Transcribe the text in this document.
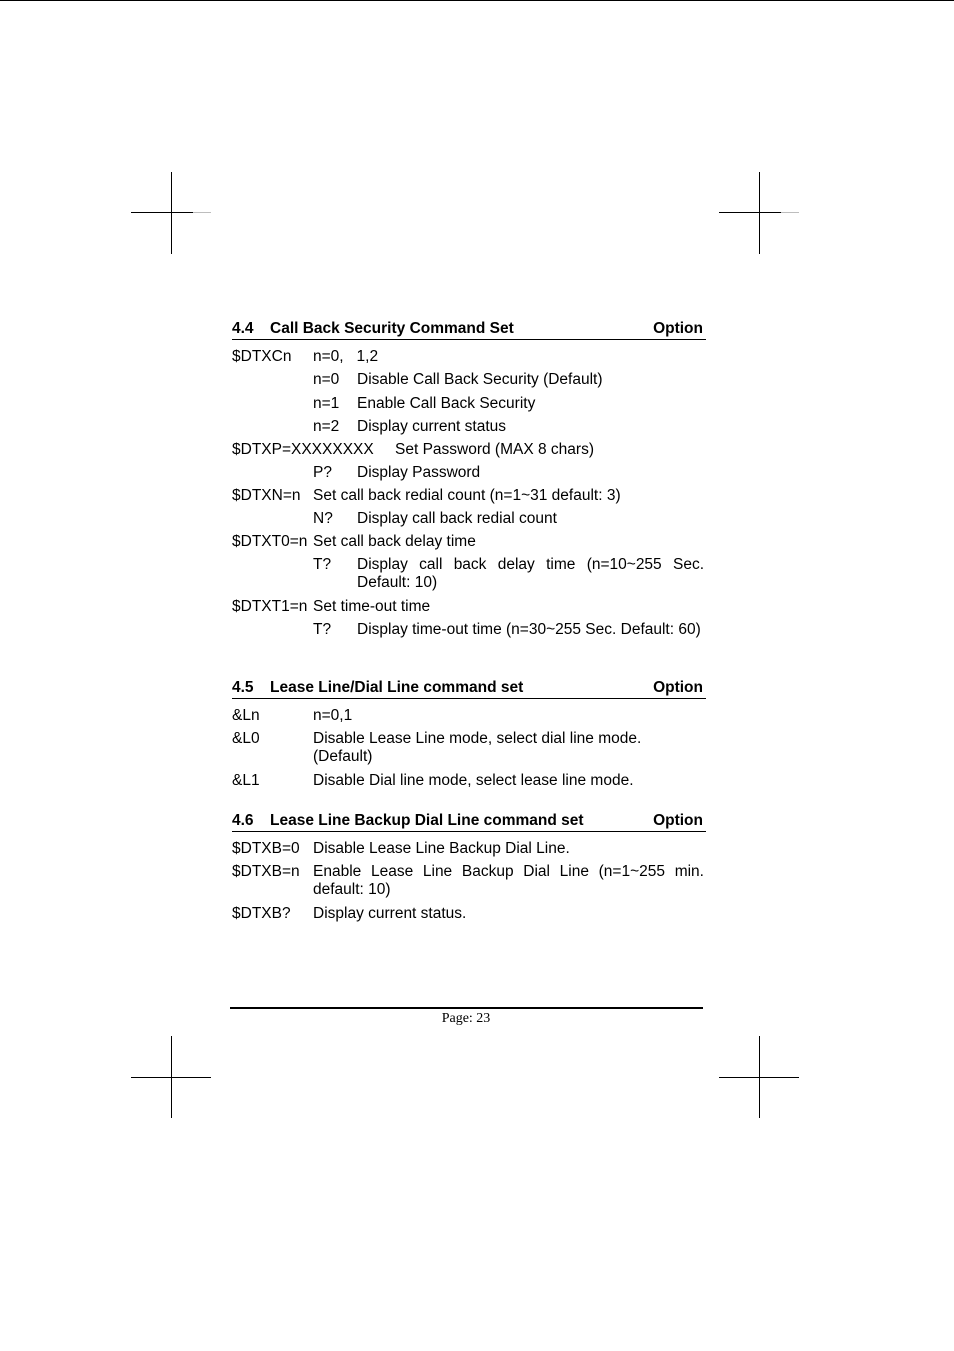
4.4 Call Back Security Command Set	Option
$DTXCn n=0,   1,2
n=0 Disable Call Back Security (Default)
n=1 Enable Call Back Security
n=2 Display current status
$DTXP=XXXXXXXX Set Password (MAX 8 chars)
P? Display Password
$DTXN=n Set call back redial count (n=1~31 default: 3)
N? Display call back redial count
$DTXT0=n Set call back delay time
T? Display call back delay time (n=10~255 Sec. Default: 10)
$DTXT1=n Set time-out time
T? Display time-out time (n=30~255 Sec. Default: 60)
4.5 Lease Line/Dial Line command set	Option
&Ln	n=0,1
&L0	Disable Lease Line mode, select dial line mode. (Default)
&L1	Disable Dial line mode, select lease line mode.
4.6 Lease Line Backup Dial Line command set	Option
$DTXB=0 Disable Lease Line Backup Dial Line.
$DTXB=n Enable Lease Line Backup Dial Line (n=1~255 min. default: 10)
$DTXB? Display current status.
Page: 23
